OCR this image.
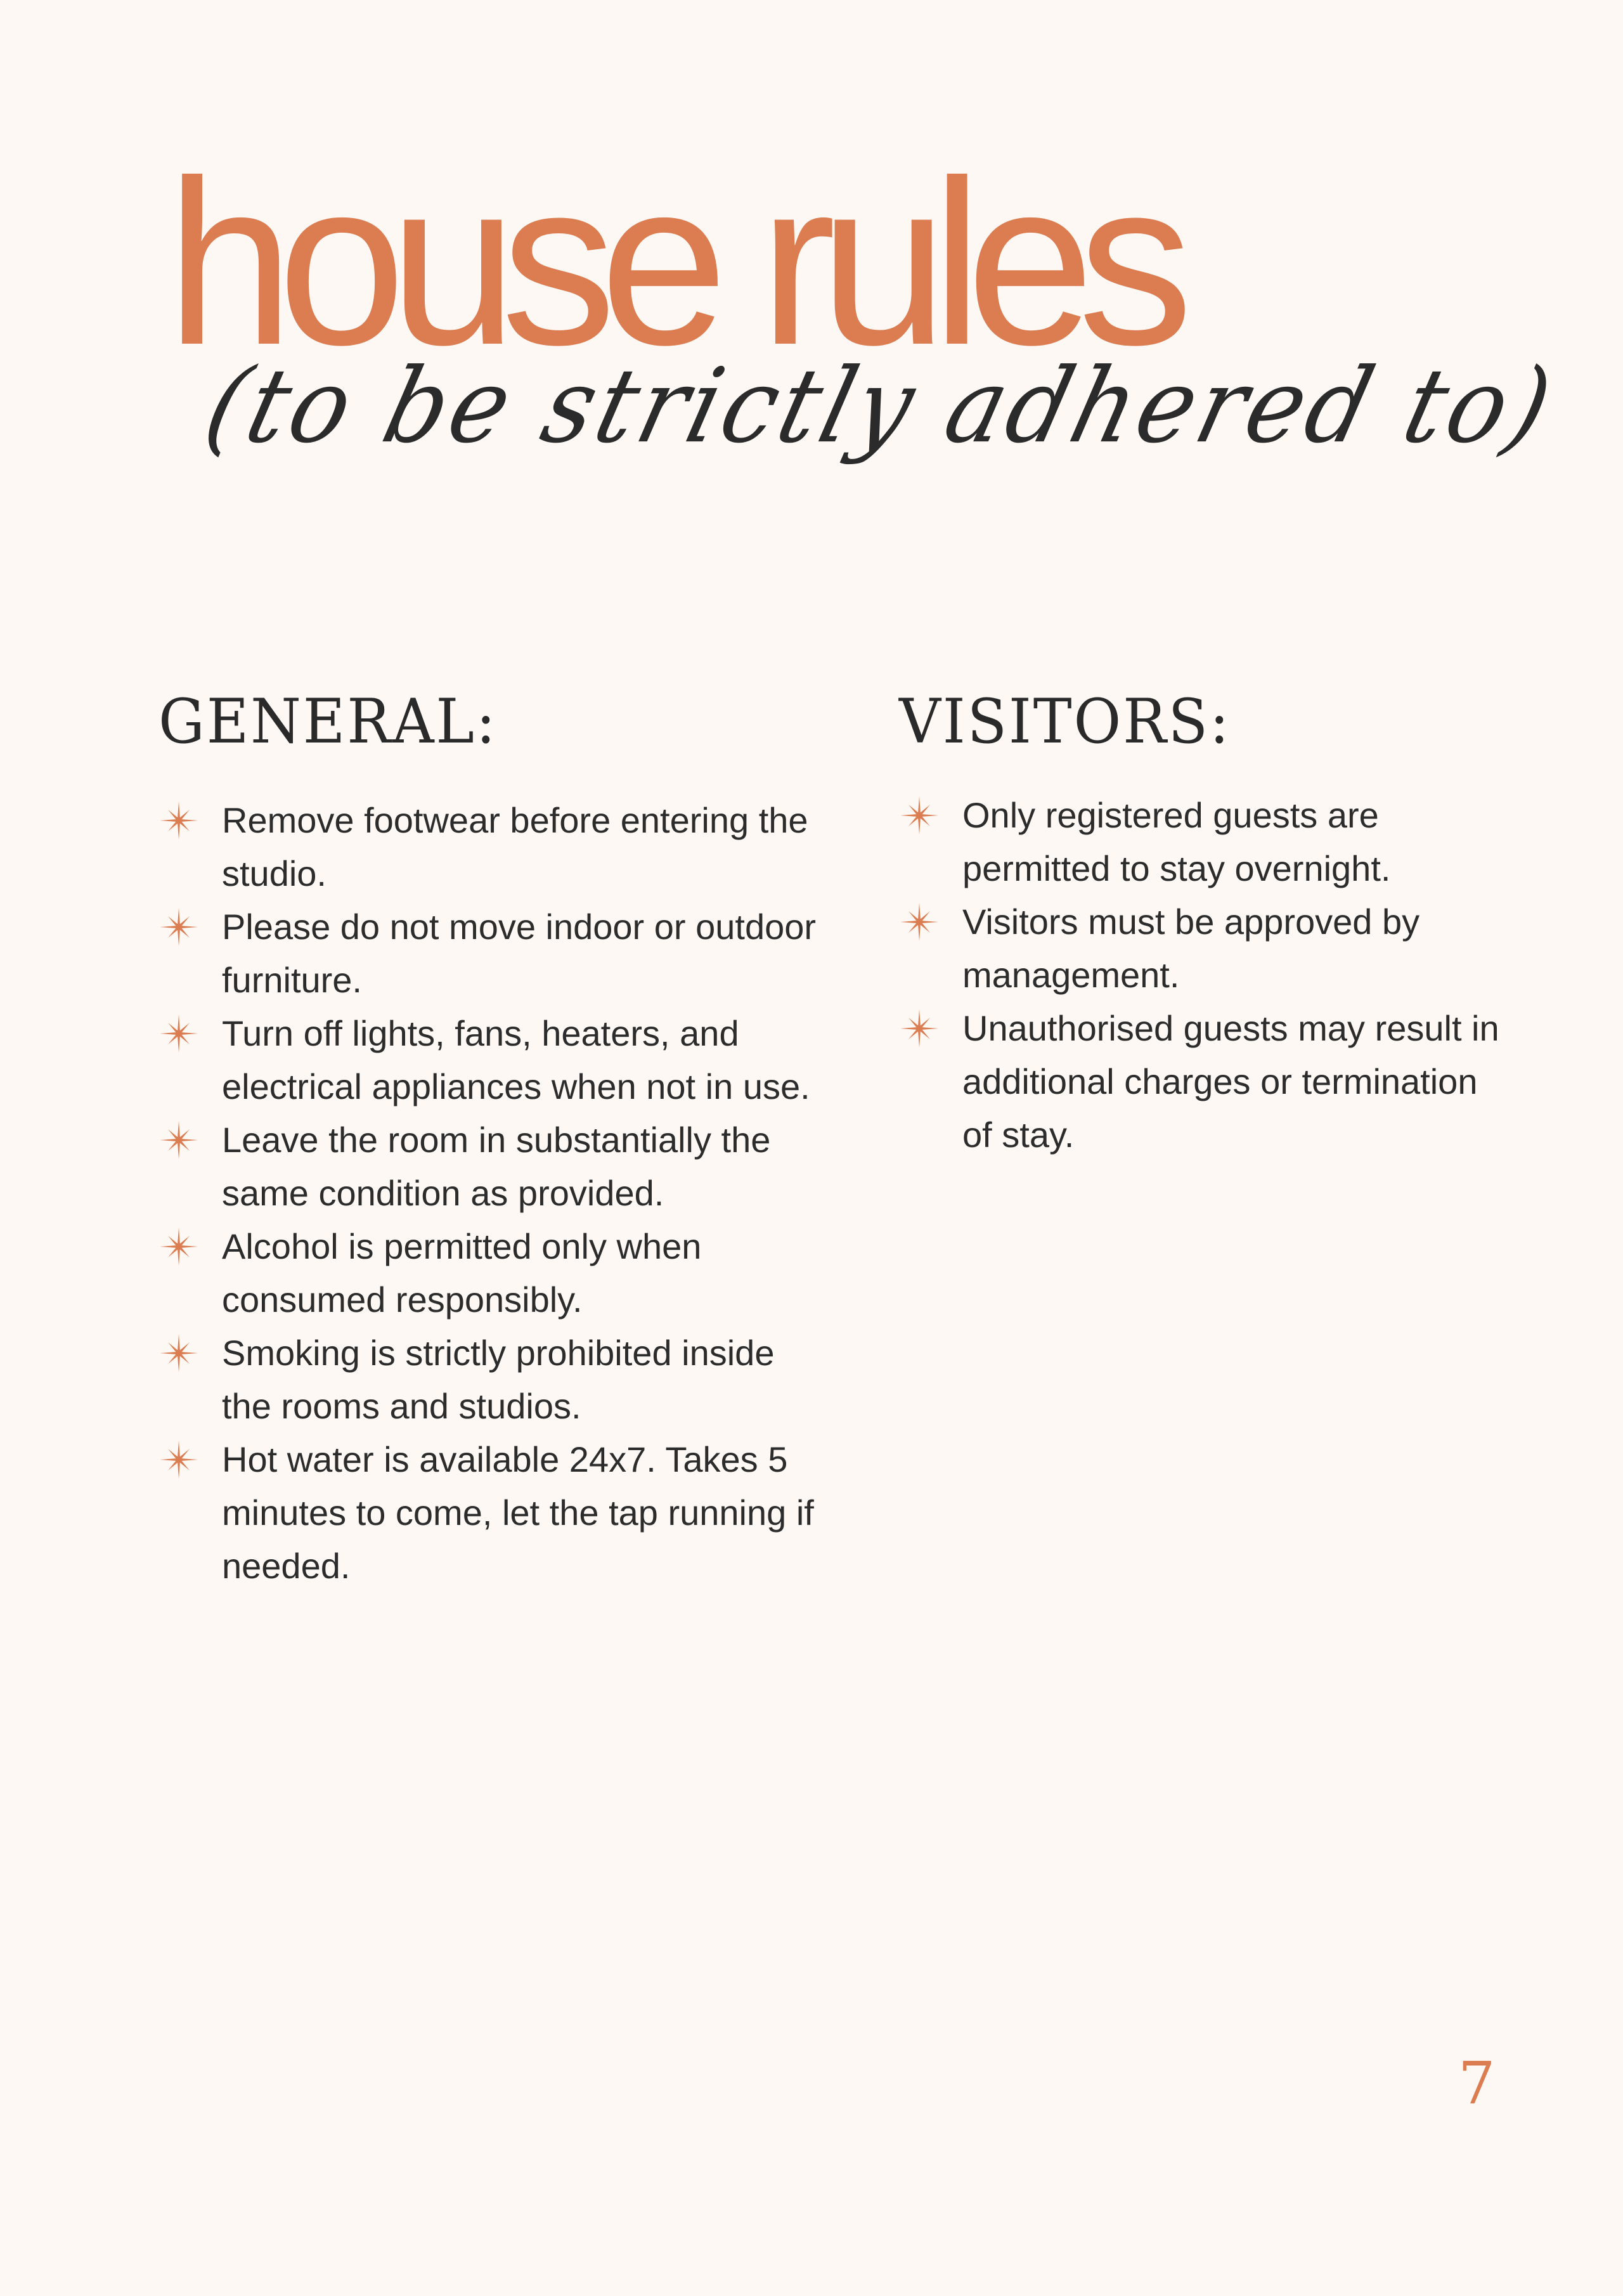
house rules

(to be strictly adhered to)

GENERAL:
Remove footwear before entering the studio.
Please do not move indoor or outdoor furniture.
Turn off lights, fans, heaters, and electrical appliances when not in use.
Leave the room in substantially the same condition as provided.
Alcohol is permitted only when consumed responsibly.
Smoking is strictly prohibited inside the rooms and studios.
Hot water is available 24x7. Takes 5 minutes to come, let the tap running if needed.
VISITORS:
Only registered guests are permitted to stay overnight.
Visitors must be approved by management.
Unauthorised guests may result in additional charges or termination of stay.

7
